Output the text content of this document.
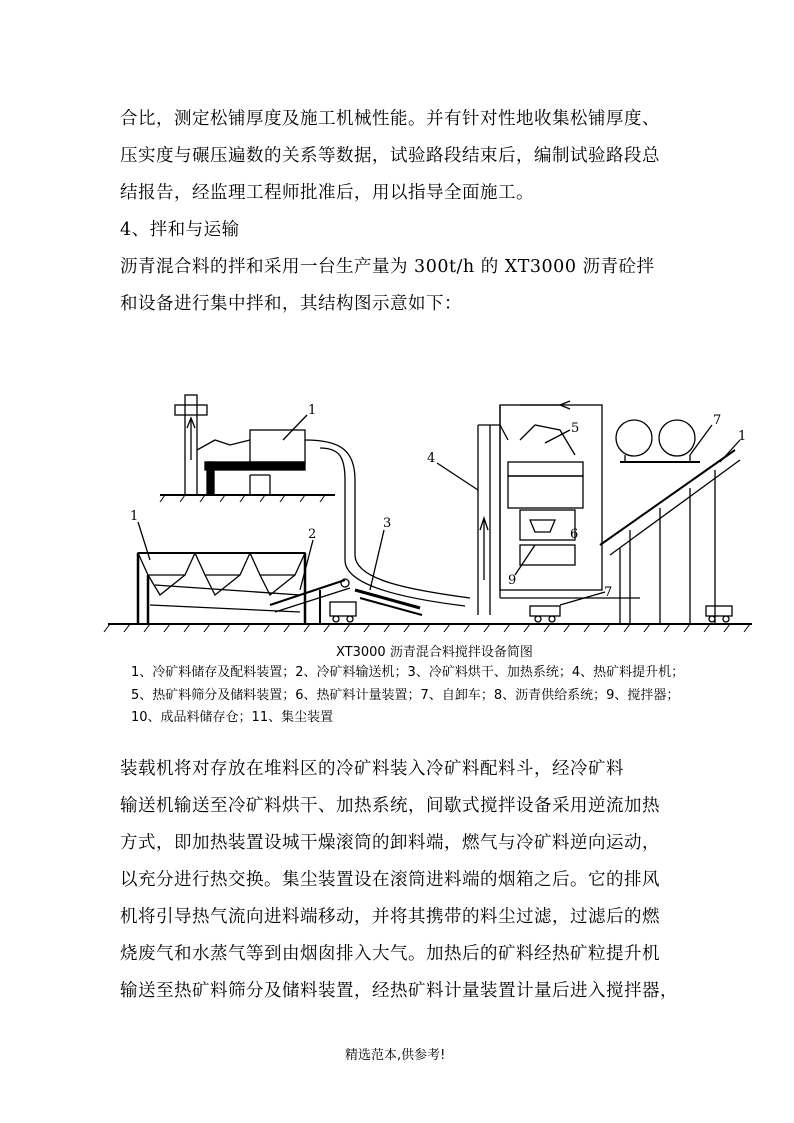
合比，测定松铺厚度及施工机械性能。并有针对性地收集松铺厚度、
压实度与碾压遍数的关系等数据，试验路段结束后，编制试验路段总
结报告，经监理工程师批准后，用以指导全面施工。
4、拌和与运输
沥青混合料的拌和采用一台生产量为 300t/h 的 XT3000 沥青砼拌
和设备进行集中拌和，其结构图示意如下：
1
1
1
2
3
4
5
6
7
7
9
XT3000 沥青混合料搅拌设备简图
1、冷矿料储存及配料装置；2、冷矿料输送机；3、冷矿料烘干、加热系统；4、热矿料提升机；
5、热矿料筛分及储料装置；6、热矿料计量装置；7、自卸车；8、沥青供给系统；9、搅拌器；
10、成品料储存仓；11、集尘装置
装载机将对存放在堆料区的冷矿料装入冷矿料配料斗，经冷矿料
输送机输送至冷矿料烘干、加热系统，间歇式搅拌设备采用逆流加热
方式，即加热装置设城干燥滚筒的卸料端，燃气与冷矿料逆向运动，
以充分进行热交换。集尘装置设在滚筒进料端的烟箱之后。它的排风
机将引导热气流向进料端移动，并将其携带的料尘过滤，过滤后的燃
烧废气和水蒸气等到由烟囱排入大气。加热后的矿料经热矿粒提升机
输送至热矿料筛分及储料装置，经热矿料计量装置计量后进入搅拌器，
精选范本,供参考!
